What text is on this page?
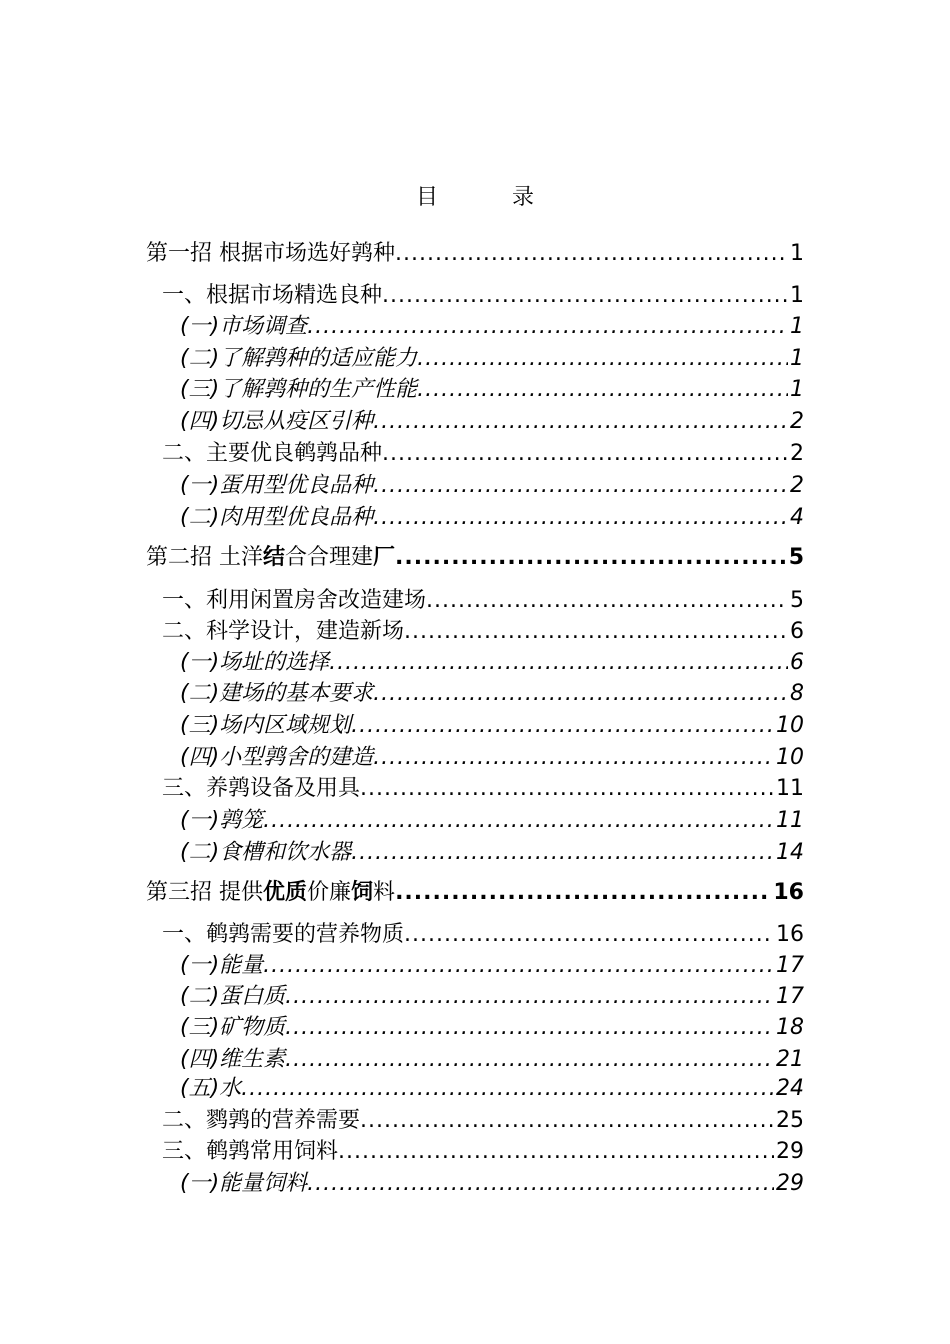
目　录
第一招 根据市场选好鹑种 .....	1
一、根据市场精选良种 .....	1
(一)市场调查 .....	1
(二)了解鹑种的适应能力 .....	1
(三)了解鹑种的生产性能 .....	1
(四)切忌从疫区引种 .....	2
二、主要优良鹌鹑品种 .....	2
(一)蛋用型优良品种 .....	2
(二)肉用型优良品种 .....	4
第二招 土洋结合合理建厂 .....	5
一、利用闲置房舍改造建场 .....	5
二、科学设计，建造新场 .....	6
(一)场址的选择 .....	6
(二)建场的基本要求 .....	8
(三)场内区域规划 .....	10
(四)小型鹑舍的建造 .....	10
三、养鹑设备及用具 .....	11
(一)鹑笼 .....	11
(二)食槽和饮水器 .....	14
第三招 提供优质价廉饲料 .....	16
一、鹌鹑需要的营养物质 .....	16
(一)能量 .....	17
(二)蛋白质 .....	17
(三)矿物质 .....	18
(四)维生素 .....	21
(五)水 .....	24
二、鹨鹑的营养需要 .....	25
三、鹌鹑常用饲料 .....	29
(一)能量饲料 .....	29
